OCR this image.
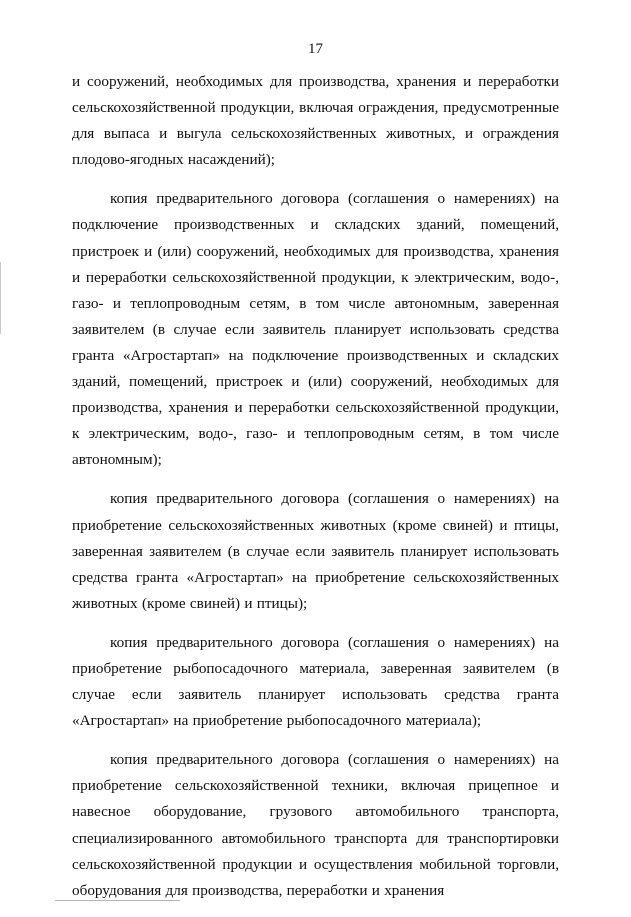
17

и сооружений, необходимых для производства, хранения и переработки сельскохозяйственной продукции, включая ограждения, предусмотренные для выпаса и выгула сельскохозяйственных животных, и ограждения плодово-ягодных насаждений);

копия предварительного договора (соглашения о намерениях) на подключение производственных и складских зданий, помещений, пристроек и (или) сооружений, необходимых для производства, хранения и переработки сельскохозяйственной продукции, к электрическим, водо-, газо- и теплопроводным сетям, в том числе автономным, заверенная заявителем (в случае если заявитель планирует использовать средства гранта «Агростартап» на подключение производственных и складских зданий, помещений, пристроек и (или) сооружений, необходимых для производства, хранения и переработки сельскохозяйственной продукции, к электрическим, водо-, газо- и теплопроводным сетям, в том числе автономным);

копия предварительного договора (соглашения о намерениях) на приобретение сельскохозяйственных животных (кроме свиней) и птицы, заверенная заявителем (в случае если заявитель планирует использовать средства гранта «Агростартап» на приобретение сельскохозяйственных животных (кроме свиней) и птицы);

копия предварительного договора (соглашения о намерениях) на приобретение рыбопосадочного материала, заверенная заявителем (в случае если заявитель планирует использовать средства гранта «Агростартап» на приобретение рыбопосадочного материала);

копия предварительного договора (соглашения о намерениях) на приобретение сельскохозяйственной техники, включая прицепное и навесное оборудование, грузового автомобильного транспорта, специализированного автомобильного транспорта для транспортировки сельскохозяйственной продукции и осуществления мобильной торговли, оборудования для производства, переработки и хранения
